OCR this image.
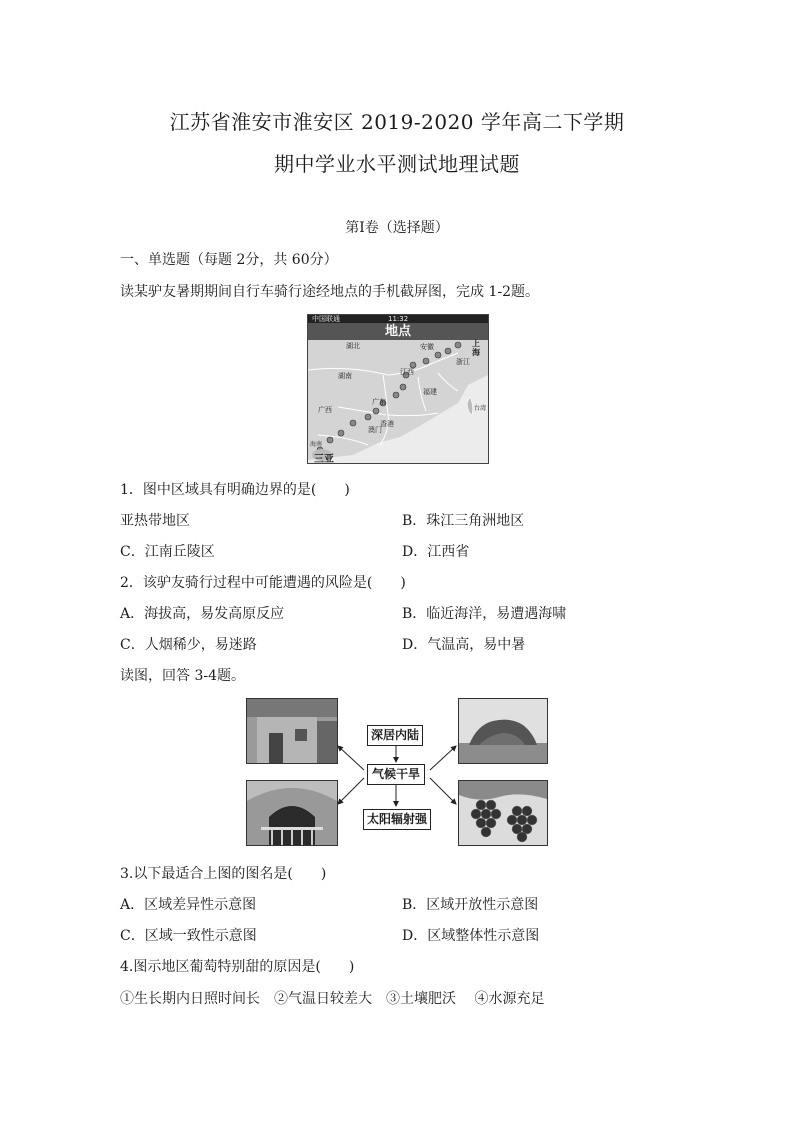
江苏省淮安市淮安区 2019-2020 学年高二下学期
期中学业水平测试地理试题
第Ⅰ卷（选择题）
一、单选题（每题 2分，共 60分）
读某驴友暑期期间自行车骑行途经地点的手机截屏图，完成 1-2题。
中国联通	11:32
地点
湖北	安徽	上海
浙江
湖南	江西
福建
广东
广西	台湾
澳门
香港
海南
三亚
1．图中区域具有明确边界的是(　　)
亚热带地区	B．珠江三角洲地区
C．江南丘陵区	D．江西省
2．该驴友骑行过程中可能遭遇的风险是(　　)
A．海拔高，易发高原反应	B．临近海洋，易遭遇海啸
C．人烟稀少，易迷路	D．气温高，易中暑
读图，回答 3-4题。
深居内陆
气候干旱
太阳辐射强
3.以下最适合上图的图名是(　　)
A．区域差异性示意图	B．区域开放性示意图
C．区域一致性示意图	D．区域整体性示意图
4.图示地区葡萄特别甜的原因是(　　)
①生长期内日照时间长　②气温日较差大　③土壤肥沃　 ④水源充足
